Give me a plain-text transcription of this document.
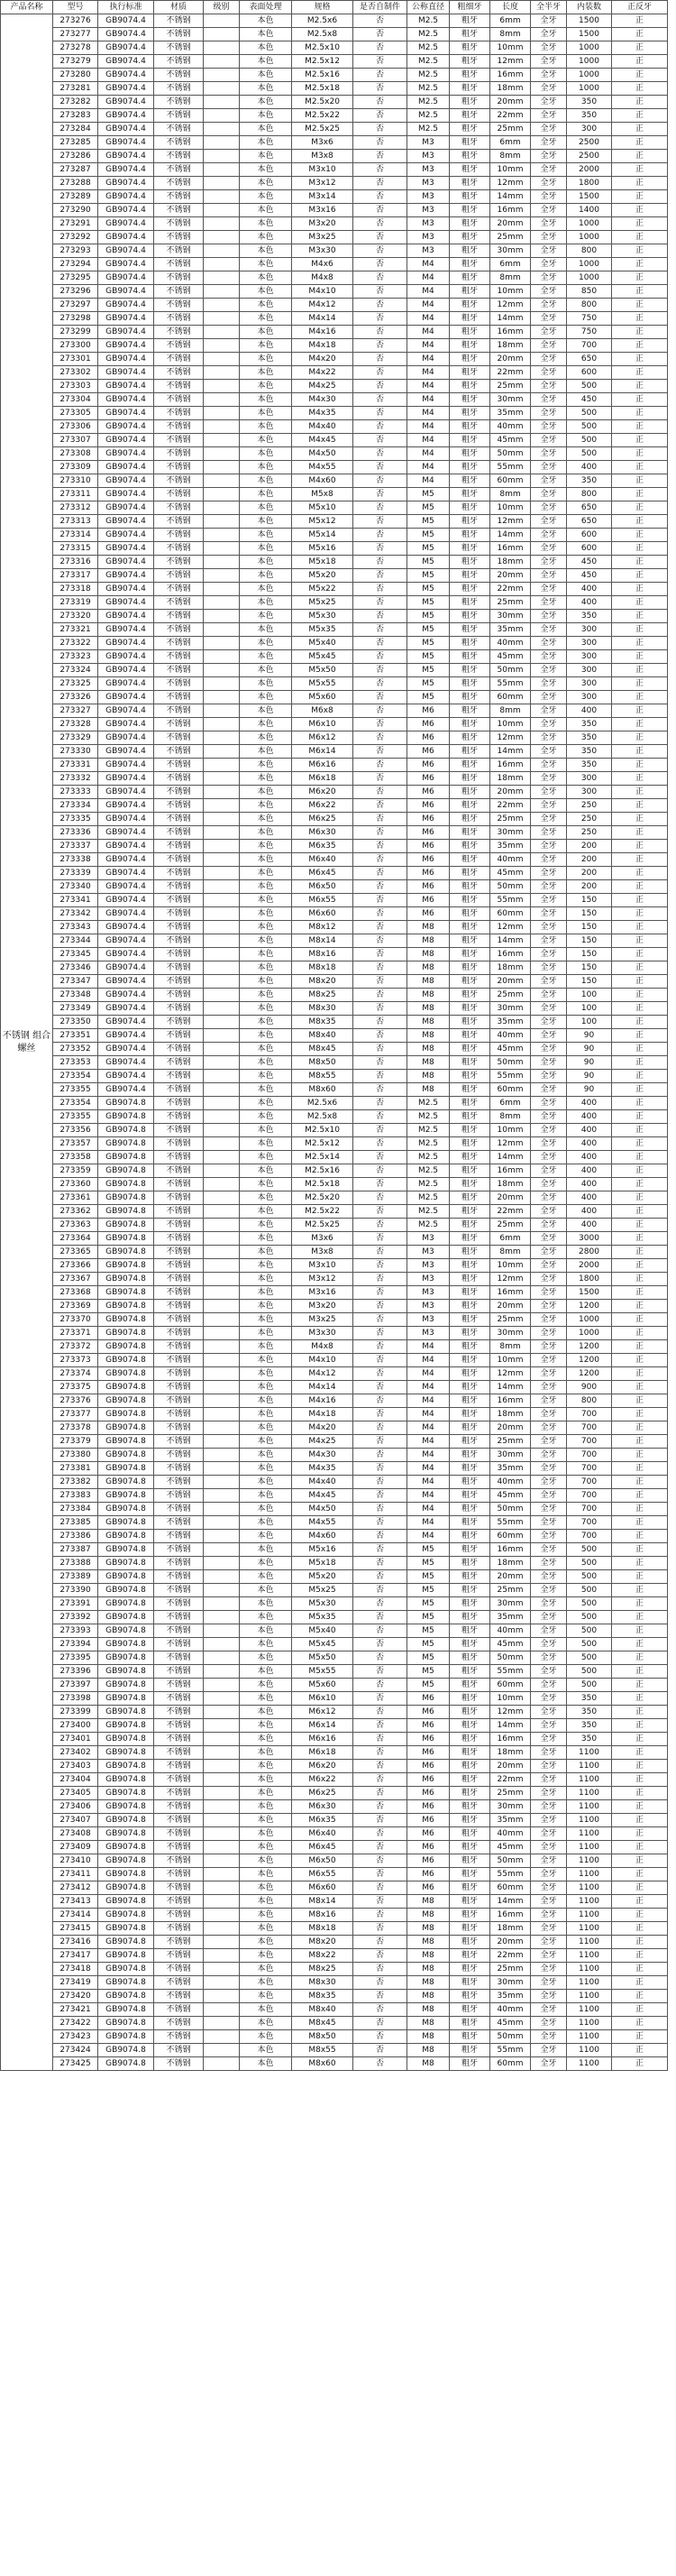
产品名称	型号	执行标准	材质	级别	表面处理	规格	是否自制件	公称直径	粗细牙	长度	全半牙	内装数	正反牙
不锈钢 组合螺丝	273276	GB9074.4	不锈钢		本色	M2.5x6	否	M2.5	粗牙	6mm	全牙	1500	正
	273277	GB9074.4	不锈钢		本色	M2.5x8	否	M2.5	粗牙	8mm	全牙	1500	正
	273278	GB9074.4	不锈钢		本色	M2.5x10	否	M2.5	粗牙	10mm	全牙	1000	正
	273279	GB9074.4	不锈钢		本色	M2.5x12	否	M2.5	粗牙	12mm	全牙	1000	正
	273280	GB9074.4	不锈钢		本色	M2.5x16	否	M2.5	粗牙	16mm	全牙	1000	正
	273281	GB9074.4	不锈钢		本色	M2.5x18	否	M2.5	粗牙	18mm	全牙	1000	正
	273282	GB9074.4	不锈钢		本色	M2.5x20	否	M2.5	粗牙	20mm	全牙	350	正
	273283	GB9074.4	不锈钢		本色	M2.5x22	否	M2.5	粗牙	22mm	全牙	350	正
	273284	GB9074.4	不锈钢		本色	M2.5x25	否	M2.5	粗牙	25mm	全牙	300	正
	273285	GB9074.4	不锈钢		本色	M3x6	否	M3	粗牙	6mm	全牙	2500	正
	273286	GB9074.4	不锈钢		本色	M3x8	否	M3	粗牙	8mm	全牙	2500	正
	273287	GB9074.4	不锈钢		本色	M3x10	否	M3	粗牙	10mm	全牙	2000	正
	273288	GB9074.4	不锈钢		本色	M3x12	否	M3	粗牙	12mm	全牙	1800	正
	273289	GB9074.4	不锈钢		本色	M3x14	否	M3	粗牙	14mm	全牙	1500	正
	273290	GB9074.4	不锈钢		本色	M3x16	否	M3	粗牙	16mm	全牙	1400	正
	273291	GB9074.4	不锈钢		本色	M3x20	否	M3	粗牙	20mm	全牙	1000	正
	273292	GB9074.4	不锈钢		本色	M3x25	否	M3	粗牙	25mm	全牙	1000	正
	273293	GB9074.4	不锈钢		本色	M3x30	否	M3	粗牙	30mm	全牙	800	正
	273294	GB9074.4	不锈钢		本色	M4x6	否	M4	粗牙	6mm	全牙	1000	正
	273295	GB9074.4	不锈钢		本色	M4x8	否	M4	粗牙	8mm	全牙	1000	正
	273296	GB9074.4	不锈钢		本色	M4x10	否	M4	粗牙	10mm	全牙	850	正
	273297	GB9074.4	不锈钢		本色	M4x12	否	M4	粗牙	12mm	全牙	800	正
	273298	GB9074.4	不锈钢		本色	M4x14	否	M4	粗牙	14mm	全牙	750	正
	273299	GB9074.4	不锈钢		本色	M4x16	否	M4	粗牙	16mm	全牙	750	正
	273300	GB9074.4	不锈钢		本色	M4x18	否	M4	粗牙	18mm	全牙	700	正
	273301	GB9074.4	不锈钢		本色	M4x20	否	M4	粗牙	20mm	全牙	650	正
	273302	GB9074.4	不锈钢		本色	M4x22	否	M4	粗牙	22mm	全牙	600	正
	273303	GB9074.4	不锈钢		本色	M4x25	否	M4	粗牙	25mm	全牙	500	正
	273304	GB9074.4	不锈钢		本色	M4x30	否	M4	粗牙	30mm	全牙	450	正
	273305	GB9074.4	不锈钢		本色	M4x35	否	M4	粗牙	35mm	全牙	500	正
	273306	GB9074.4	不锈钢		本色	M4x40	否	M4	粗牙	40mm	全牙	500	正
	273307	GB9074.4	不锈钢		本色	M4x45	否	M4	粗牙	45mm	全牙	500	正
	273308	GB9074.4	不锈钢		本色	M4x50	否	M4	粗牙	50mm	全牙	500	正
	273309	GB9074.4	不锈钢		本色	M4x55	否	M4	粗牙	55mm	全牙	400	正
	273310	GB9074.4	不锈钢		本色	M4x60	否	M4	粗牙	60mm	全牙	350	正
	273311	GB9074.4	不锈钢		本色	M5x8	否	M5	粗牙	8mm	全牙	800	正
	273312	GB9074.4	不锈钢		本色	M5x10	否	M5	粗牙	10mm	全牙	650	正
	273313	GB9074.4	不锈钢		本色	M5x12	否	M5	粗牙	12mm	全牙	650	正
	273314	GB9074.4	不锈钢		本色	M5x14	否	M5	粗牙	14mm	全牙	600	正
	273315	GB9074.4	不锈钢		本色	M5x16	否	M5	粗牙	16mm	全牙	600	正
	273316	GB9074.4	不锈钢		本色	M5x18	否	M5	粗牙	18mm	全牙	450	正
	273317	GB9074.4	不锈钢		本色	M5x20	否	M5	粗牙	20mm	全牙	450	正
	273318	GB9074.4	不锈钢		本色	M5x22	否	M5	粗牙	22mm	全牙	400	正
	273319	GB9074.4	不锈钢		本色	M5x25	否	M5	粗牙	25mm	全牙	400	正
	273320	GB9074.4	不锈钢		本色	M5x30	否	M5	粗牙	30mm	全牙	350	正
	273321	GB9074.4	不锈钢		本色	M5x35	否	M5	粗牙	35mm	全牙	300	正
	273322	GB9074.4	不锈钢		本色	M5x40	否	M5	粗牙	40mm	全牙	300	正
	273323	GB9074.4	不锈钢		本色	M5x45	否	M5	粗牙	45mm	全牙	300	正
	273324	GB9074.4	不锈钢		本色	M5x50	否	M5	粗牙	50mm	全牙	300	正
	273325	GB9074.4	不锈钢		本色	M5x55	否	M5	粗牙	55mm	全牙	300	正
	273326	GB9074.4	不锈钢		本色	M5x60	否	M5	粗牙	60mm	全牙	300	正
	273327	GB9074.4	不锈钢		本色	M6x8	否	M6	粗牙	8mm	全牙	400	正
	273328	GB9074.4	不锈钢		本色	M6x10	否	M6	粗牙	10mm	全牙	350	正
	273329	GB9074.4	不锈钢		本色	M6x12	否	M6	粗牙	12mm	全牙	350	正
	273330	GB9074.4	不锈钢		本色	M6x14	否	M6	粗牙	14mm	全牙	350	正
	273331	GB9074.4	不锈钢		本色	M6x16	否	M6	粗牙	16mm	全牙	350	正
	273332	GB9074.4	不锈钢		本色	M6x18	否	M6	粗牙	18mm	全牙	300	正
	273333	GB9074.4	不锈钢		本色	M6x20	否	M6	粗牙	20mm	全牙	300	正
	273334	GB9074.4	不锈钢		本色	M6x22	否	M6	粗牙	22mm	全牙	250	正
	273335	GB9074.4	不锈钢		本色	M6x25	否	M6	粗牙	25mm	全牙	250	正
	273336	GB9074.4	不锈钢		本色	M6x30	否	M6	粗牙	30mm	全牙	250	正
	273337	GB9074.4	不锈钢		本色	M6x35	否	M6	粗牙	35mm	全牙	200	正
	273338	GB9074.4	不锈钢		本色	M6x40	否	M6	粗牙	40mm	全牙	200	正
	273339	GB9074.4	不锈钢		本色	M6x45	否	M6	粗牙	45mm	全牙	200	正
	273340	GB9074.4	不锈钢		本色	M6x50	否	M6	粗牙	50mm	全牙	200	正
	273341	GB9074.4	不锈钢		本色	M6x55	否	M6	粗牙	55mm	全牙	150	正
	273342	GB9074.4	不锈钢		本色	M6x60	否	M6	粗牙	60mm	全牙	150	正
	273343	GB9074.4	不锈钢		本色	M8x12	否	M8	粗牙	12mm	全牙	150	正
	273344	GB9074.4	不锈钢		本色	M8x14	否	M8	粗牙	14mm	全牙	150	正
	273345	GB9074.4	不锈钢		本色	M8x16	否	M8	粗牙	16mm	全牙	150	正
	273346	GB9074.4	不锈钢		本色	M8x18	否	M8	粗牙	18mm	全牙	150	正
	273347	GB9074.4	不锈钢		本色	M8x20	否	M8	粗牙	20mm	全牙	150	正
	273348	GB9074.4	不锈钢		本色	M8x25	否	M8	粗牙	25mm	全牙	100	正
	273349	GB9074.4	不锈钢		本色	M8x30	否	M8	粗牙	30mm	全牙	100	正
	273350	GB9074.4	不锈钢		本色	M8x35	否	M8	粗牙	35mm	全牙	100	正
	273351	GB9074.4	不锈钢		本色	M8x40	否	M8	粗牙	40mm	全牙	90	正
	273352	GB9074.4	不锈钢		本色	M8x45	否	M8	粗牙	45mm	全牙	90	正
	273353	GB9074.4	不锈钢		本色	M8x50	否	M8	粗牙	50mm	全牙	90	正
	273354	GB9074.4	不锈钢		本色	M8x55	否	M8	粗牙	55mm	全牙	90	正
	273355	GB9074.4	不锈钢		本色	M8x60	否	M8	粗牙	60mm	全牙	90	正
	273354	GB9074.8	不锈钢		本色	M2.5x6	否	M2.5	粗牙	6mm	全牙	400	正
	273355	GB9074.8	不锈钢		本色	M2.5x8	否	M2.5	粗牙	8mm	全牙	400	正
	273356	GB9074.8	不锈钢		本色	M2.5x10	否	M2.5	粗牙	10mm	全牙	400	正
	273357	GB9074.8	不锈钢		本色	M2.5x12	否	M2.5	粗牙	12mm	全牙	400	正
	273358	GB9074.8	不锈钢		本色	M2.5x14	否	M2.5	粗牙	14mm	全牙	400	正
	273359	GB9074.8	不锈钢		本色	M2.5x16	否	M2.5	粗牙	16mm	全牙	400	正
	273360	GB9074.8	不锈钢		本色	M2.5x18	否	M2.5	粗牙	18mm	全牙	400	正
	273361	GB9074.8	不锈钢		本色	M2.5x20	否	M2.5	粗牙	20mm	全牙	400	正
	273362	GB9074.8	不锈钢		本色	M2.5x22	否	M2.5	粗牙	22mm	全牙	400	正
	273363	GB9074.8	不锈钢		本色	M2.5x25	否	M2.5	粗牙	25mm	全牙	400	正
	273364	GB9074.8	不锈钢		本色	M3x6	否	M3	粗牙	6mm	全牙	3000	正
	273365	GB9074.8	不锈钢		本色	M3x8	否	M3	粗牙	8mm	全牙	2800	正
	273366	GB9074.8	不锈钢		本色	M3x10	否	M3	粗牙	10mm	全牙	2000	正
	273367	GB9074.8	不锈钢		本色	M3x12	否	M3	粗牙	12mm	全牙	1800	正
	273368	GB9074.8	不锈钢		本色	M3x16	否	M3	粗牙	16mm	全牙	1500	正
	273369	GB9074.8	不锈钢		本色	M3x20	否	M3	粗牙	20mm	全牙	1200	正
	273370	GB9074.8	不锈钢		本色	M3x25	否	M3	粗牙	25mm	全牙	1000	正
	273371	GB9074.8	不锈钢		本色	M3x30	否	M3	粗牙	30mm	全牙	1000	正
	273372	GB9074.8	不锈钢		本色	M4x8	否	M4	粗牙	8mm	全牙	1200	正
	273373	GB9074.8	不锈钢		本色	M4x10	否	M4	粗牙	10mm	全牙	1200	正
	273374	GB9074.8	不锈钢		本色	M4x12	否	M4	粗牙	12mm	全牙	1200	正
	273375	GB9074.8	不锈钢		本色	M4x14	否	M4	粗牙	14mm	全牙	900	正
	273376	GB9074.8	不锈钢		本色	M4x16	否	M4	粗牙	16mm	全牙	800	正
	273377	GB9074.8	不锈钢		本色	M4x18	否	M4	粗牙	18mm	全牙	700	正
	273378	GB9074.8	不锈钢		本色	M4x20	否	M4	粗牙	20mm	全牙	700	正
	273379	GB9074.8	不锈钢		本色	M4x25	否	M4	粗牙	25mm	全牙	700	正
	273380	GB9074.8	不锈钢		本色	M4x30	否	M4	粗牙	30mm	全牙	700	正
	273381	GB9074.8	不锈钢		本色	M4x35	否	M4	粗牙	35mm	全牙	700	正
	273382	GB9074.8	不锈钢		本色	M4x40	否	M4	粗牙	40mm	全牙	700	正
	273383	GB9074.8	不锈钢		本色	M4x45	否	M4	粗牙	45mm	全牙	700	正
	273384	GB9074.8	不锈钢		本色	M4x50	否	M4	粗牙	50mm	全牙	700	正
	273385	GB9074.8	不锈钢		本色	M4x55	否	M4	粗牙	55mm	全牙	700	正
	273386	GB9074.8	不锈钢		本色	M4x60	否	M4	粗牙	60mm	全牙	700	正
	273387	GB9074.8	不锈钢		本色	M5x16	否	M5	粗牙	16mm	全牙	500	正
	273388	GB9074.8	不锈钢		本色	M5x18	否	M5	粗牙	18mm	全牙	500	正
	273389	GB9074.8	不锈钢		本色	M5x20	否	M5	粗牙	20mm	全牙	500	正
	273390	GB9074.8	不锈钢		本色	M5x25	否	M5	粗牙	25mm	全牙	500	正
	273391	GB9074.8	不锈钢		本色	M5x30	否	M5	粗牙	30mm	全牙	500	正
	273392	GB9074.8	不锈钢		本色	M5x35	否	M5	粗牙	35mm	全牙	500	正
	273393	GB9074.8	不锈钢		本色	M5x40	否	M5	粗牙	40mm	全牙	500	正
	273394	GB9074.8	不锈钢		本色	M5x45	否	M5	粗牙	45mm	全牙	500	正
	273395	GB9074.8	不锈钢		本色	M5x50	否	M5	粗牙	50mm	全牙	500	正
	273396	GB9074.8	不锈钢		本色	M5x55	否	M5	粗牙	55mm	全牙	500	正
	273397	GB9074.8	不锈钢		本色	M5x60	否	M5	粗牙	60mm	全牙	500	正
	273398	GB9074.8	不锈钢		本色	M6x10	否	M6	粗牙	10mm	全牙	350	正
	273399	GB9074.8	不锈钢		本色	M6x12	否	M6	粗牙	12mm	全牙	350	正
	273400	GB9074.8	不锈钢		本色	M6x14	否	M6	粗牙	14mm	全牙	350	正
	273401	GB9074.8	不锈钢		本色	M6x16	否	M6	粗牙	16mm	全牙	350	正
	273402	GB9074.8	不锈钢		本色	M6x18	否	M6	粗牙	18mm	全牙	1100	正
	273403	GB9074.8	不锈钢		本色	M6x20	否	M6	粗牙	20mm	全牙	1100	正
	273404	GB9074.8	不锈钢		本色	M6x22	否	M6	粗牙	22mm	全牙	1100	正
	273405	GB9074.8	不锈钢		本色	M6x25	否	M6	粗牙	25mm	全牙	1100	正
	273406	GB9074.8	不锈钢		本色	M6x30	否	M6	粗牙	30mm	全牙	1100	正
	273407	GB9074.8	不锈钢		本色	M6x35	否	M6	粗牙	35mm	全牙	1100	正
	273408	GB9074.8	不锈钢		本色	M6x40	否	M6	粗牙	40mm	全牙	1100	正
	273409	GB9074.8	不锈钢		本色	M6x45	否	M6	粗牙	45mm	全牙	1100	正
	273410	GB9074.8	不锈钢		本色	M6x50	否	M6	粗牙	50mm	全牙	1100	正
	273411	GB9074.8	不锈钢		本色	M6x55	否	M6	粗牙	55mm	全牙	1100	正
	273412	GB9074.8	不锈钢		本色	M6x60	否	M6	粗牙	60mm	全牙	1100	正
	273413	GB9074.8	不锈钢		本色	M8x14	否	M8	粗牙	14mm	全牙	1100	正
	273414	GB9074.8	不锈钢		本色	M8x16	否	M8	粗牙	16mm	全牙	1100	正
	273415	GB9074.8	不锈钢		本色	M8x18	否	M8	粗牙	18mm	全牙	1100	正
	273416	GB9074.8	不锈钢		本色	M8x20	否	M8	粗牙	20mm	全牙	1100	正
	273417	GB9074.8	不锈钢		本色	M8x22	否	M8	粗牙	22mm	全牙	1100	正
	273418	GB9074.8	不锈钢		本色	M8x25	否	M8	粗牙	25mm	全牙	1100	正
	273419	GB9074.8	不锈钢		本色	M8x30	否	M8	粗牙	30mm	全牙	1100	正
	273420	GB9074.8	不锈钢		本色	M8x35	否	M8	粗牙	35mm	全牙	1100	正
	273421	GB9074.8	不锈钢		本色	M8x40	否	M8	粗牙	40mm	全牙	1100	正
	273422	GB9074.8	不锈钢		本色	M8x45	否	M8	粗牙	45mm	全牙	1100	正
	273423	GB9074.8	不锈钢		本色	M8x50	否	M8	粗牙	50mm	全牙	1100	正
	273424	GB9074.8	不锈钢		本色	M8x55	否	M8	粗牙	55mm	全牙	1100	正
	273425	GB9074.8	不锈钢		本色	M8x60	否	M8	粗牙	60mm	全牙	1100	正
